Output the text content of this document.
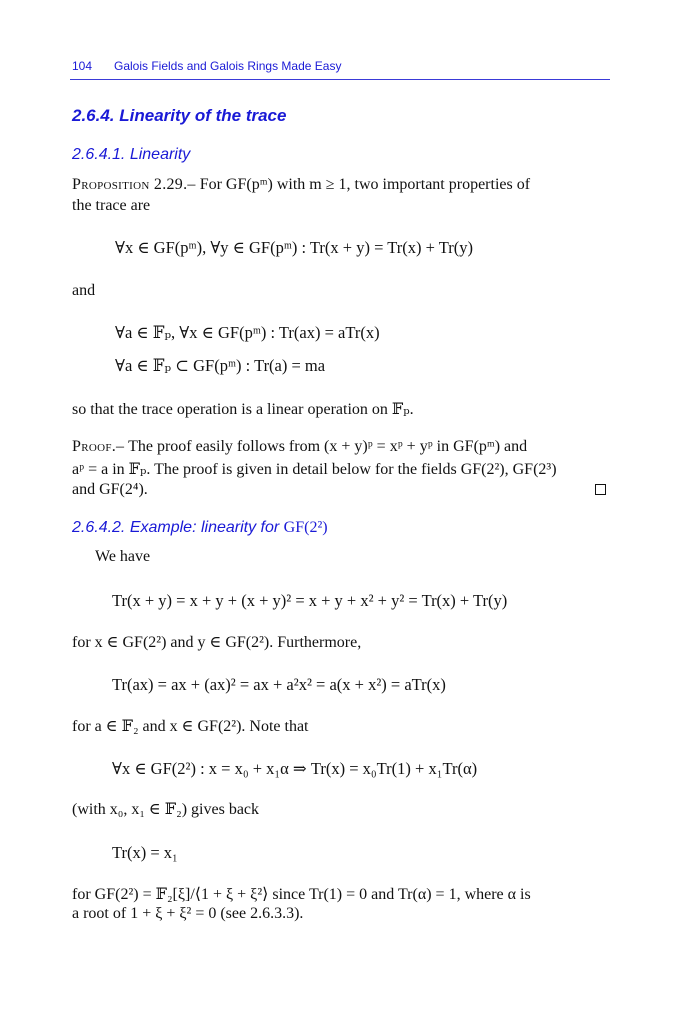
104 Galois Fields and Galois Rings Made Easy
2.6.4. Linearity of the trace
2.6.4.1. Linearity
Proposition 2.29.– For GF(pᵐ) with m ≥ 1, two important properties of
the trace are
∀x ∈ GF(pᵐ), ∀y ∈ GF(pᵐ) : Tr(x + y) = Tr(x) + Tr(y)
and
∀a ∈ 𝔽ₚ, ∀x ∈ GF(pᵐ) : Tr(ax) = aTr(x)
∀a ∈ 𝔽ₚ ⊂ GF(pᵐ) : Tr(a) = ma
so that the trace operation is a linear operation on 𝔽ₚ.
Proof.– The proof easily follows from (x + y)ᵖ = xᵖ + yᵖ in GF(pᵐ) and
aᵖ = a in 𝔽ₚ. The proof is given in detail below for the fields GF(2²), GF(2³)
and GF(2⁴).
2.6.4.2. Example: linearity for GF(2²)
We have
Tr(x + y) = x + y + (x + y)² = x + y + x² + y² = Tr(x) + Tr(y)
for x ∈ GF(2²) and y ∈ GF(2²). Furthermore,
Tr(ax) = ax + (ax)² = ax + a²x² = a(x + x²) = aTr(x)
for a ∈ 𝔽₂ and x ∈ GF(2²). Note that
∀x ∈ GF(2²) : x = x₀ + x₁α ⇒ Tr(x) = x₀Tr(1) + x₁Tr(α)
(with x₀, x₁ ∈ 𝔽₂) gives back
Tr(x) = x₁
for GF(2²) = 𝔽₂[ξ]/⟨1 + ξ + ξ²⟩ since Tr(1) = 0 and Tr(α) = 1, where α is
a root of 1 + ξ + ξ² = 0 (see 2.6.3.3).
